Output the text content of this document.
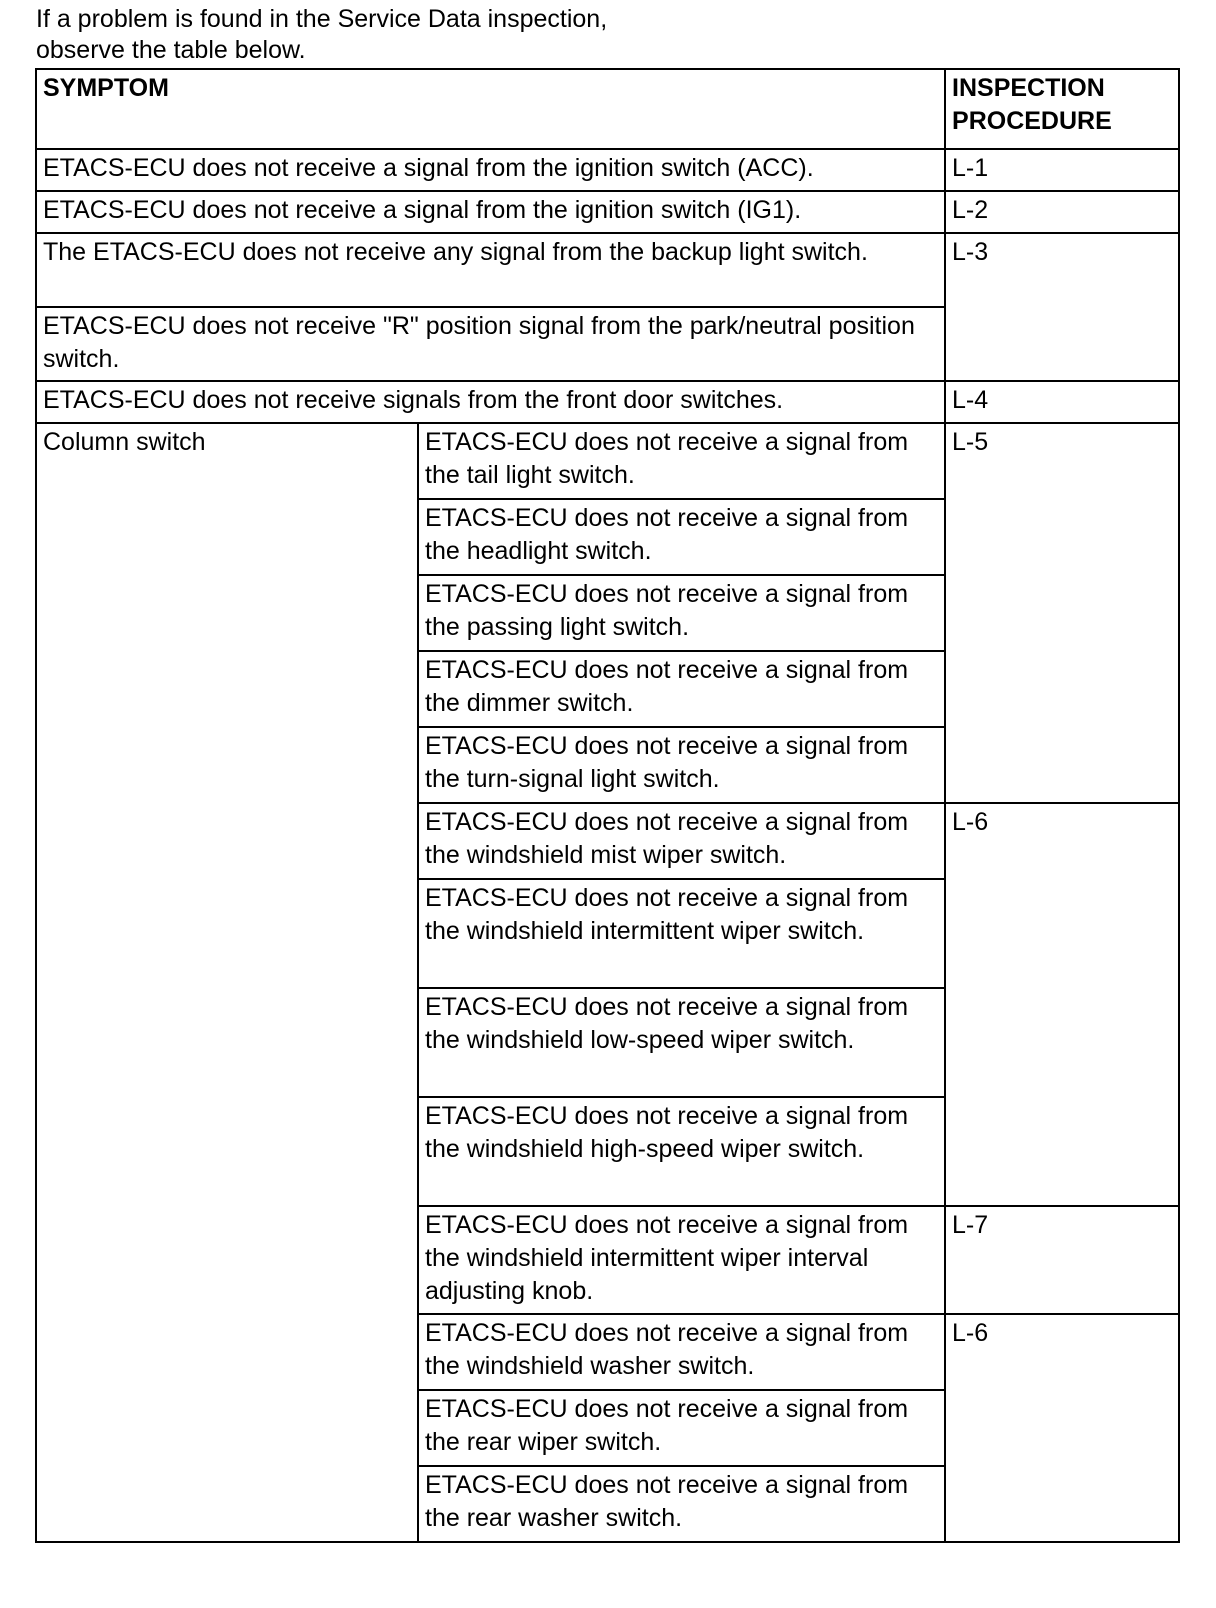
If a problem is found in the Service Data inspection,
observe the table below.
SYMPTOM		INSPECTION
PROCEDURE
ETACS-ECU does not receive a signal from the ignition switch (ACC).		L-1
ETACS-ECU does not receive a signal from the ignition switch (IG1).		L-2
The ETACS-ECU does not receive any signal from the backup light switch.		L-3
ETACS-ECU does not receive "R" position signal from the park/neutral position switch.		
ETACS-ECU does not receive signals from the front door switches.		L-4
Column switch	ETACS-ECU does not receive a signal from the tail light switch.	L-5
	ETACS-ECU does not receive a signal from the headlight switch.	
	ETACS-ECU does not receive a signal from the passing light switch.	
	ETACS-ECU does not receive a signal from the dimmer switch.	
	ETACS-ECU does not receive a signal from the turn-signal light switch.	
	ETACS-ECU does not receive a signal from the windshield mist wiper switch.	L-6
	ETACS-ECU does not receive a signal from the windshield intermittent wiper switch.	
	ETACS-ECU does not receive a signal from the windshield low-speed wiper switch.	
	ETACS-ECU does not receive a signal from the windshield high-speed wiper switch.	
	ETACS-ECU does not receive a signal from the windshield intermittent wiper interval adjusting knob.	L-7
	ETACS-ECU does not receive a signal from the windshield washer switch.	L-6
	ETACS-ECU does not receive a signal from the rear wiper switch.	
	ETACS-ECU does not receive a signal from the rear washer switch.	
